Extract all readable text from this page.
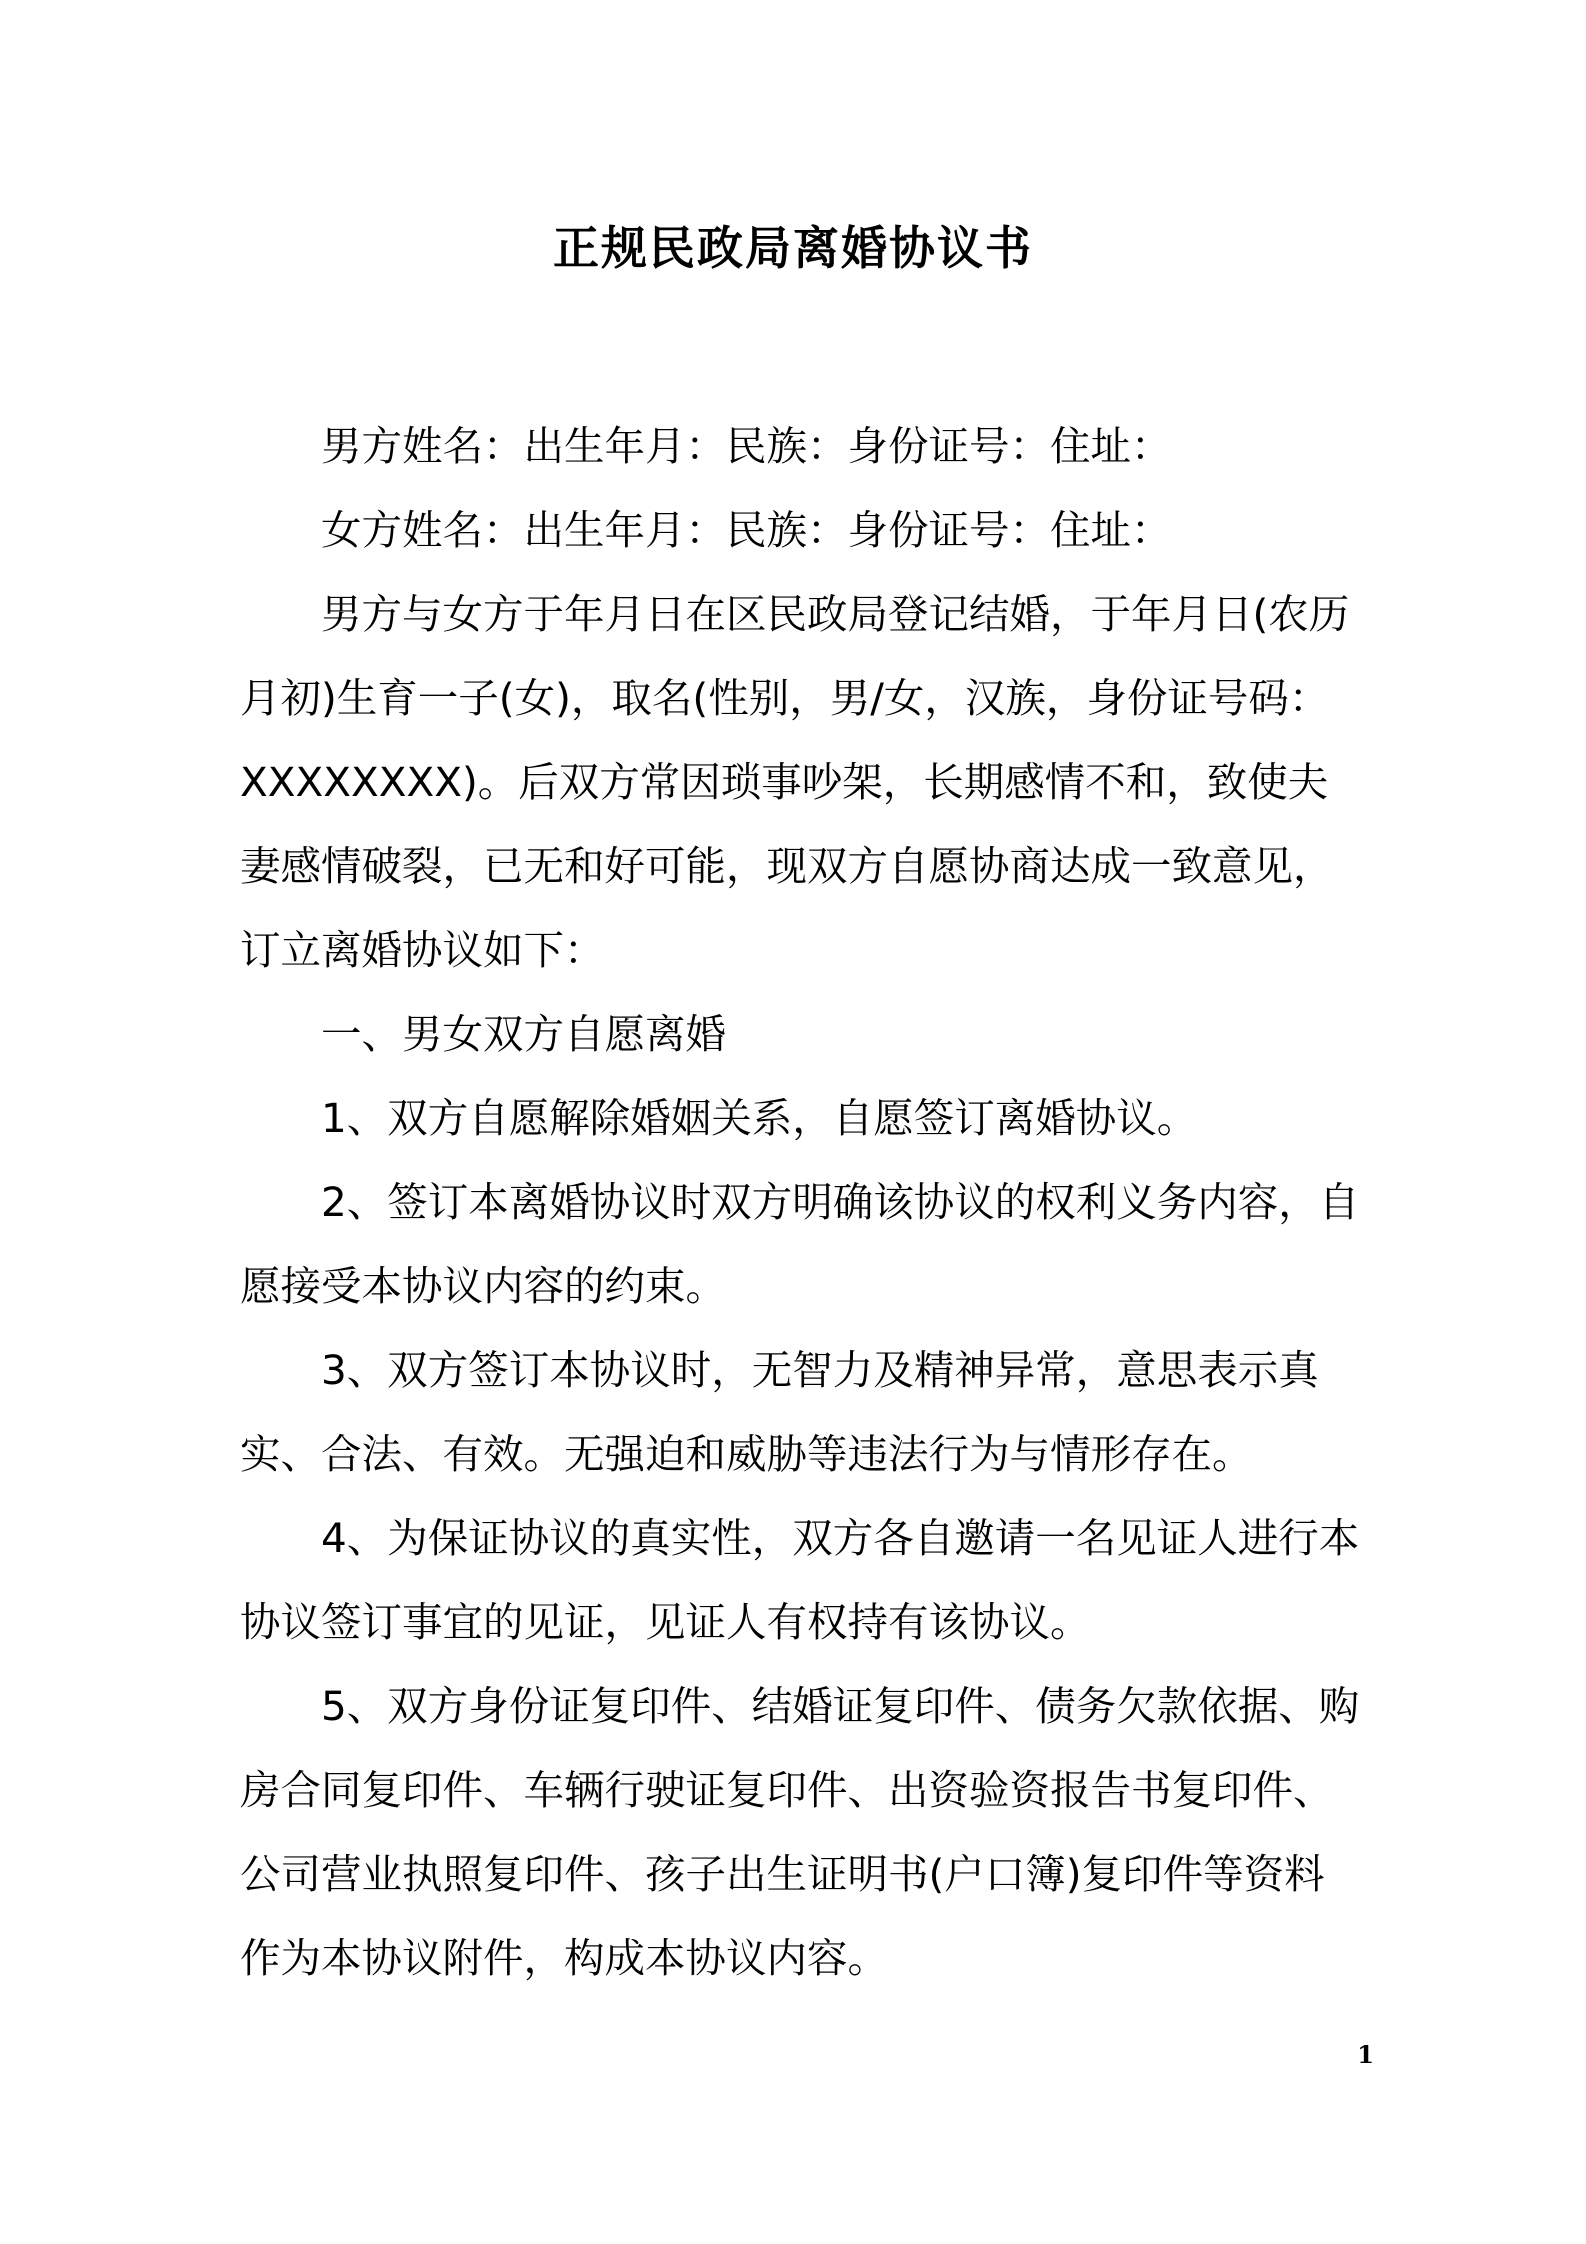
正规民政局离婚协议书

男方姓名：出生年月：民族：身份证号：住址：

女方姓名：出生年月：民族：身份证号：住址：

男方与女方于年月日在区民政局登记结婚，于年月日(农历月初)生育一子(女)，取名(性别，男/女，汉族，身份证号码：XXXXXXXX)。后双方常因琐事吵架，长期感情不和，致使夫妻感情破裂，已无和好可能，现双方自愿协商达成一致意见，订立离婚协议如下：

一、男女双方自愿离婚

1、双方自愿解除婚姻关系，自愿签订离婚协议。

2、签订本离婚协议时双方明确该协议的权利义务内容，自愿接受本协议内容的约束。

3、双方签订本协议时，无智力及精神异常，意思表示真实、合法、有效。无强迫和威胁等违法行为与情形存在。

4、为保证协议的真实性，双方各自邀请一名见证人进行本协议签订事宜的见证，见证人有权持有该协议。

5、双方身份证复印件、结婚证复印件、债务欠款依据、购房合同复印件、车辆行驶证复印件、出资验资报告书复印件、公司营业执照复印件、孩子出生证明书(户口簿)复印件等资料作为本协议附件，构成本协议内容。

1
